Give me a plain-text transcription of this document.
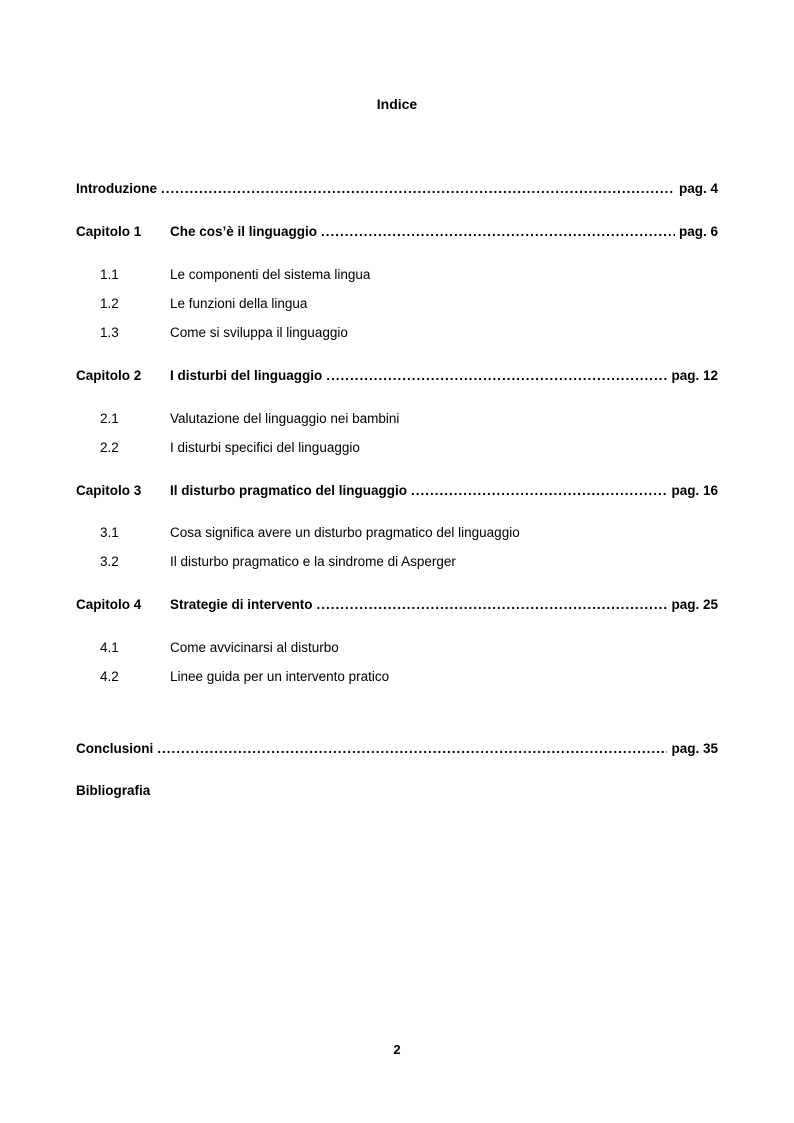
Indice
Introduzione .....	pag. 4
Capitolo 1	Che cos’è il linguaggio .....	pag. 6
1.1	Le componenti del sistema lingua
1.2	Le funzioni della lingua
1.3	Come si sviluppa il linguaggio
Capitolo 2	I disturbi del linguaggio .....	pag. 12
2.1	Valutazione del linguaggio nei bambini
2.2	I disturbi specifici del linguaggio
Capitolo 3	Il disturbo pragmatico del linguaggio .....	pag. 16
3.1	Cosa significa avere un disturbo pragmatico del linguaggio
3.2	Il disturbo pragmatico e la sindrome di Asperger
Capitolo 4	Strategie di intervento .....	pag. 25
4.1	Come avvicinarsi al disturbo
4.2	Linee guida per un intervento pratico
Conclusioni .....	pag. 35
Bibliografia
2
